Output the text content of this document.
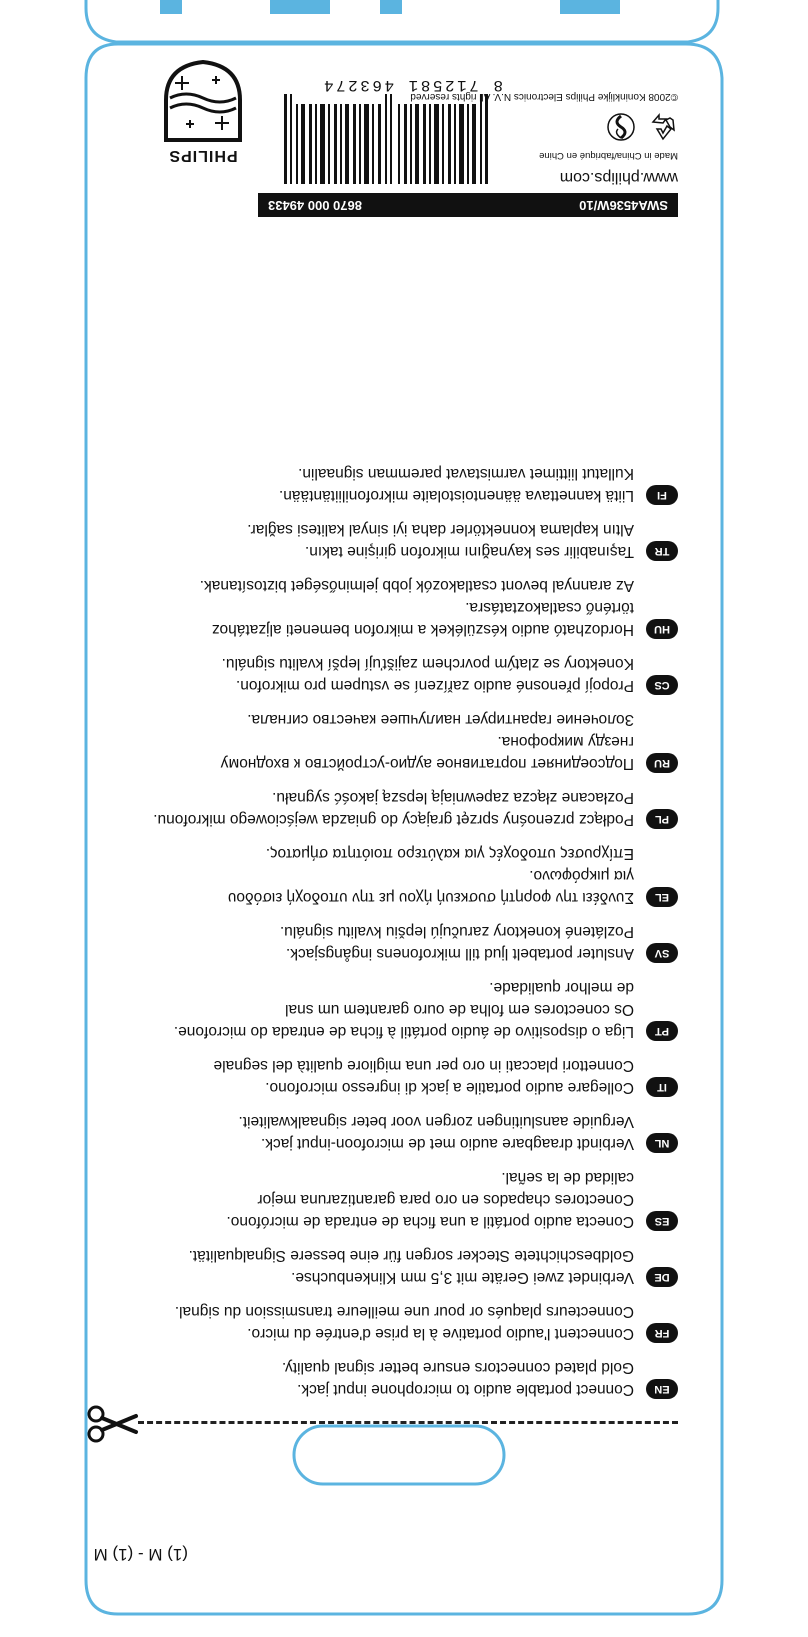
(1) M - (1) M
EN
Connect portable audio to microphone input jack.
Gold plated connectors ensure better signal quality.
FR
Connectent l'audio portative à la prise d'entrée du micro.
Connecteurs plaqués or pour une meilleure transmission du signal.
DE
Verbindet zwei Geräte mit 3,5 mm Klinkenbuchse.
Goldbeschichtete Stecker sorgen für eine bessere Signalqualität.
ES
Conecta audio portátil a una ficha de entrada de micrófono.
Conectores chapados en oro para garantizaruna mejor
calidad de la señal.
NL
Verbindt draagbare audio met de microfoon-input jack.
Verguide aansluitingen zorgen voor beter signaalkwaliteit.
IT
Collegare audio portatile a jack di ingresso microfono.
Connettori placcati in oro per una migliore qualità del segnale
PT
Liga o dispositivo de áudio portátil à ficha de entrada do microfone.
Os conectores em folha de ouro garantem um snal
de melhor qualidade.
SV
Ansluter portabelt ljud till mikrofonens ingångsjack.
Pozlátené konektory zaručujú lepšiu kvalitu signálu.
EL
Συνδέει την φορητή συσκευή ήχου με την υποδοχή εισόδου
για μικρόφωνο.
Επίχρυσες υποδοχές για καλύτερο ποιότητα σήματος.
PL
Podłącz przenośny sprzęt grający do gniazda wejściowego mikrofonu.
Pozłacane złącza zapewniają lepszą jakość sygnału.
RU
Подсоединяет портативное аудио-устройство к входному
гнезду микрофона.
Золочение гарантирует наилучшее качество сигнала.
CS
Propojí přenosné audio zařízení se vstupem pro mikrofon.
Konektory se zlatým povrchem zajišťují lepší kvalitu signálu.
HU
Hordozható audio készülékek a mikrofon bemeneti aljzatához
történő csatlakoztatásra.
Az arannyal bevont csatlakozók jobb jelminőséget biztosítanak.
TR
Taşınabilir ses kaynağını mikrofon girişine takın.
Altın kaplama konnektörler daha iyi sinyal kalitesi sağlar.
FI
Liitä kannettava äänentoistolaite mikrofoniliitäntään.
Kullatut liittimet varmistavat paremman signaalin.
SWA4536W/10
8670 000 49433
www.philips.com
Made in China/fabriqué en Chine
8 712581 463274
©2008 Koninklijke Philips Electronics N.V. All rights reserved
PHILIPS
